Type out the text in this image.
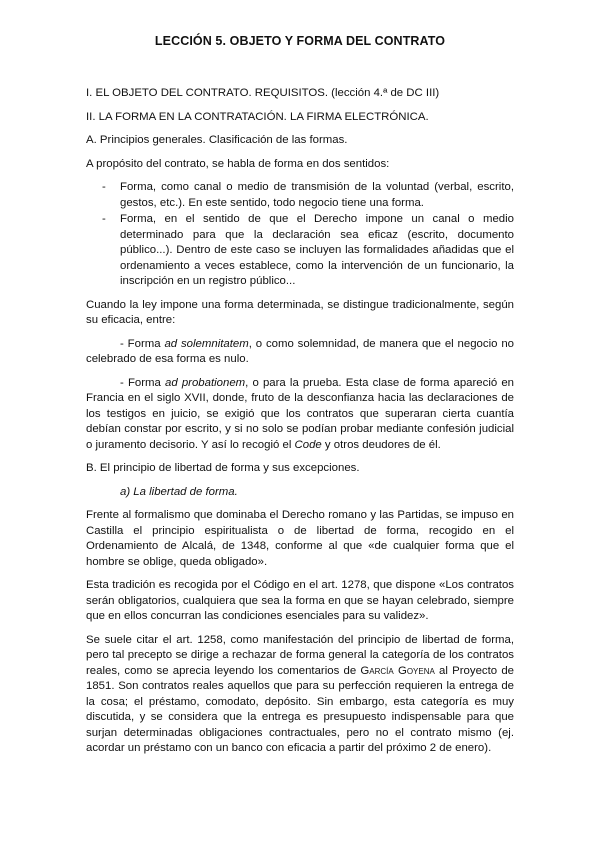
LECCIÓN 5. OBJETO Y FORMA DEL CONTRATO

I. EL OBJETO DEL CONTRATO. REQUISITOS. (lección 4.ª de DC III)

II. LA FORMA EN LA CONTRATACIÓN. LA FIRMA ELECTRÓNICA.

A. Principios generales. Clasificación de las formas.

A propósito del contrato, se habla de forma en dos sentidos:

- Forma, como canal o medio de transmisión de la voluntad (verbal, escrito, gestos, etc.). En este sentido, todo negocio tiene una forma.
- Forma, en el sentido de que el Derecho impone un canal o medio determinado para que la declaración sea eficaz (escrito, documento público...). Dentro de este caso se incluyen las formalidades añadidas que el ordenamiento a veces establece, como la intervención de un funcionario, la inscripción en un registro público...

Cuando la ley impone una forma determinada, se distingue tradicionalmente, según su eficacia, entre:

- Forma ad solemnitatem, o como solemnidad, de manera que el negocio no celebrado de esa forma es nulo.

- Forma ad probationem, o para la prueba. Esta clase de forma apareció en Francia en el siglo XVII, donde, fruto de la desconfianza hacia las declaraciones de los testigos en juicio, se exigió que los contratos que superaran cierta cuantía debían constar por escrito, y si no solo se podían probar mediante confesión judicial o juramento decisorio. Y así lo recogió el Code y otros deudores de él.

B. El principio de libertad de forma y sus excepciones.

a) La libertad de forma.

Frente al formalismo que dominaba el Derecho romano y las Partidas, se impuso en Castilla el principio espiritualista o de libertad de forma, recogido en el Ordenamiento de Alcalá, de 1348, conforme al que «de cualquier forma que el hombre se oblige, queda obligado».

Esta tradición es recogida por el Código en el art. 1278, que dispone «Los contratos serán obligatorios, cualquiera que sea la forma en que se hayan celebrado, siempre que en ellos concurran las condiciones esenciales para su validez».

Se suele citar el art. 1258, como manifestación del principio de libertad de forma, pero tal precepto se dirige a rechazar de forma general la categoría de los contratos reales, como se aprecia leyendo los comentarios de García Goyena al Proyecto de 1851. Son contratos reales aquellos que para su perfección requieren la entrega de la cosa; el préstamo, comodato, depósito. Sin embargo, esta categoría es muy discutida, y se considera que la entrega es presupuesto indispensable para que surjan determinadas obligaciones contractuales, pero no el contrato mismo (ej. acordar un préstamo con un banco con eficacia a partir del próximo 2 de enero).
